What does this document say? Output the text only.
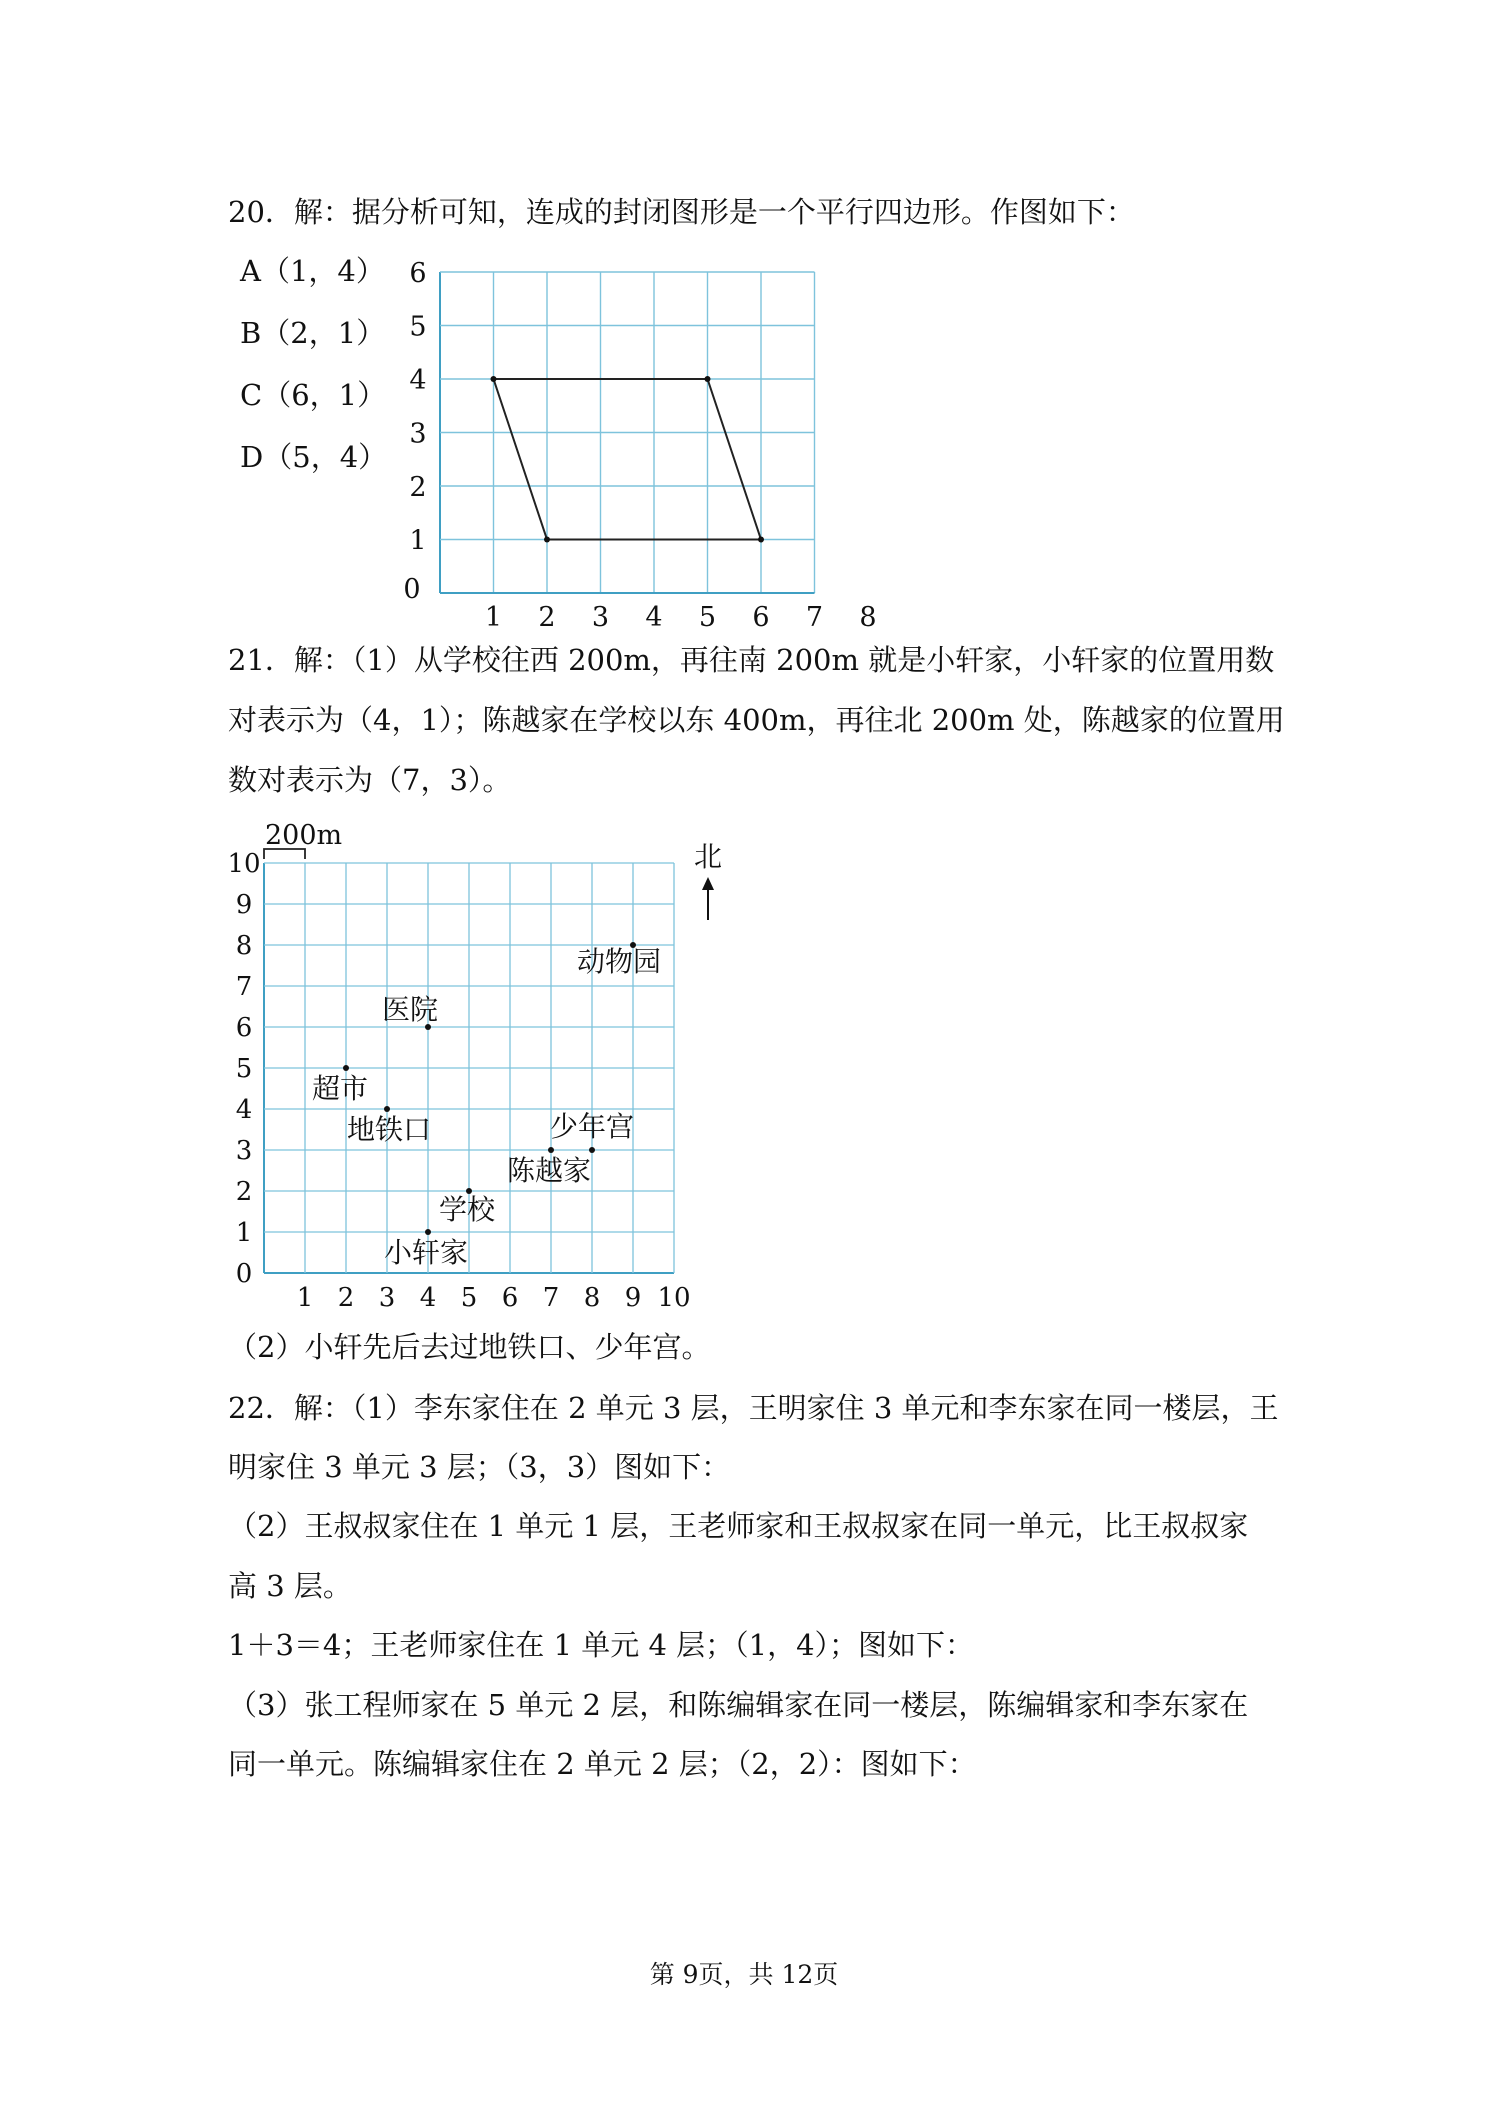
20．解：据分析可知，连成的封闭图形是一个平行四边形。作图如下：
A（1，4）
B（2，1）
C（6，1）
D（5，4）
0
1 2 3 4 5 6 7 8
1
2
3
4
5
6
21．解：（1）从学校往西 200m，再往南 200m 就是小轩家，小轩家的位置用数
对表示为（4，1）；陈越家在学校以东 400m，再往北 200m 处，陈越家的位置用
数对表示为（7，3）。
1 2 3 4 5 6 7 8 9 10
0
1
2
3
4
5
6
7
8
9
10
200m
北
动物园
医院
超市
地铁口	少年宫
陈越家
学校
小轩家
（2）小轩先后去过地铁口、少年宫。
22．解：（1）李东家住在 2 单元 3 层，王明家住 3 单元和李东家在同一楼层，王
明家住 3 单元 3 层；（3，3）图如下：
（2）王叔叔家住在 1 单元 1 层，王老师家和王叔叔家在同一单元，比王叔叔家
高 3 层。
1＋3＝4；王老师家住在 1 单元 4 层；（1，4）；图如下：
（3）张工程师家在 5 单元 2 层，和陈编辑家在同一楼层，陈编辑家和李东家在
同一单元。陈编辑家住在 2 单元 2 层；（2，2）：图如下：
第 9页，共 12页
